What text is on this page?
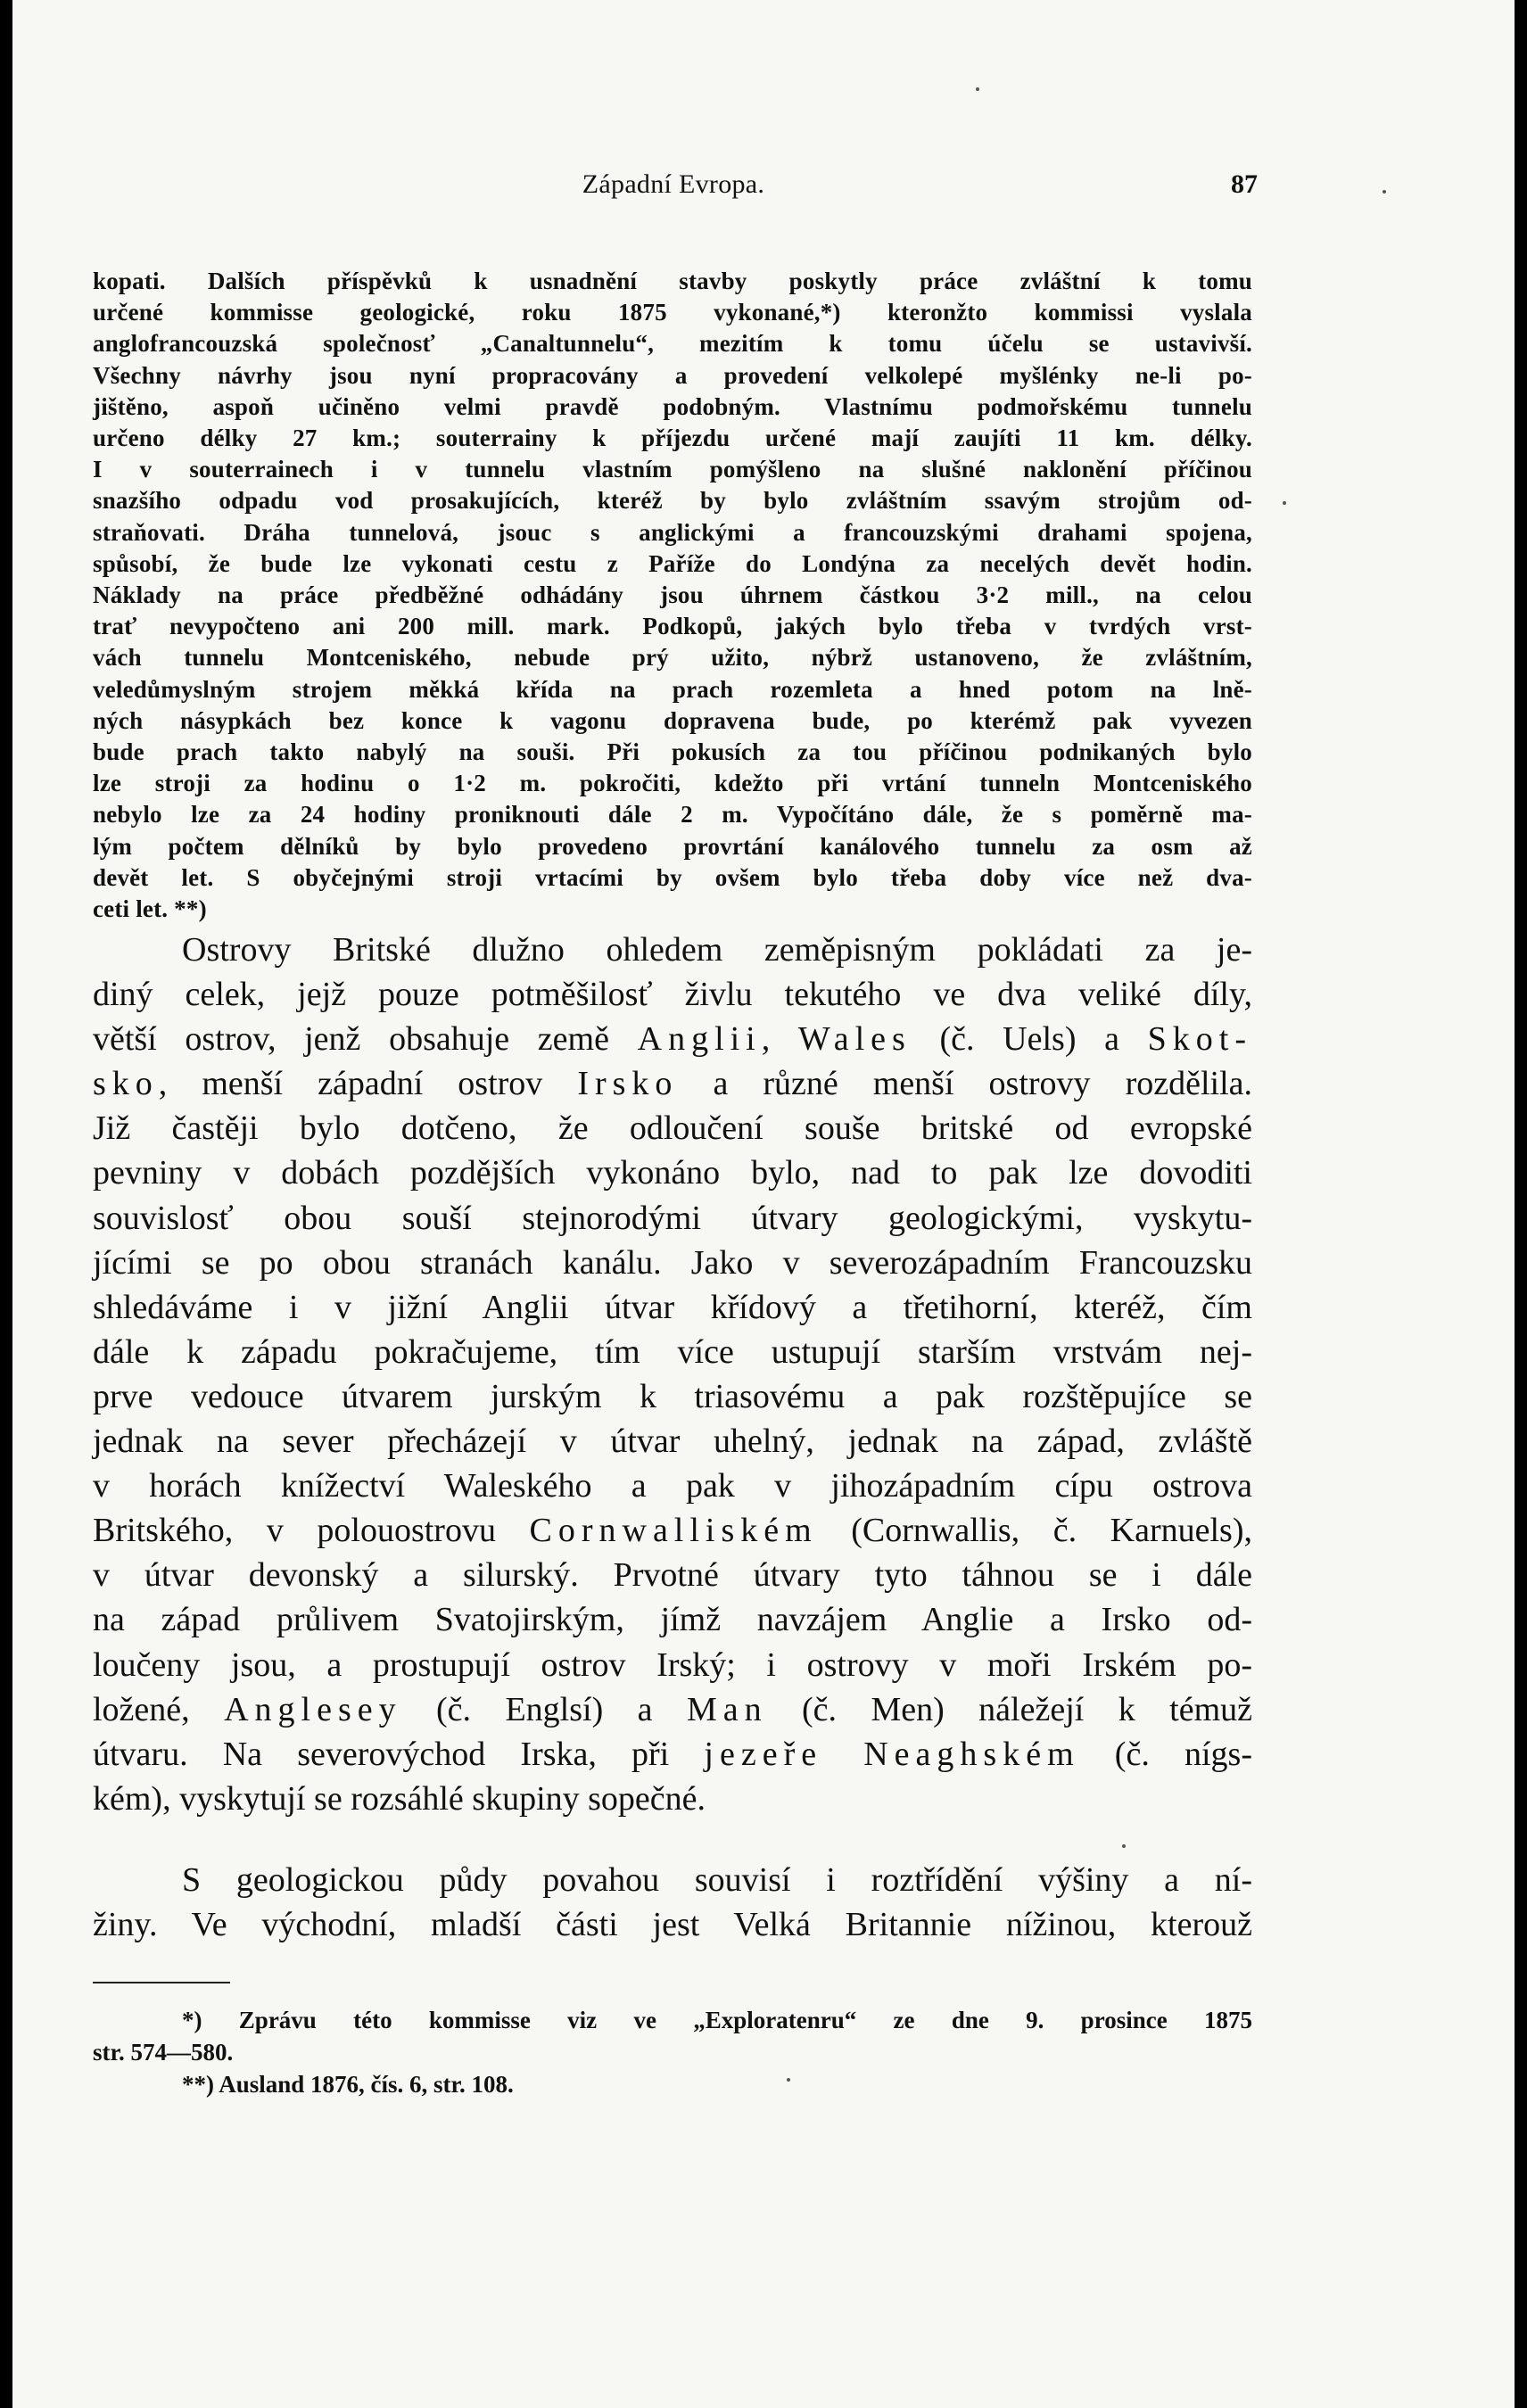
Západní Evropa.	87
kopati. Dalších příspěvků k usnadnění stavby poskytly práce zvláštní k tomu
určené kommisse geologické, roku 1875 vykonané,*) kteronžto kommissi vyslala
anglofrancouzská společnosť „Canaltunnelu“, mezitím k tomu účelu se ustavivší.
Všechny návrhy jsou nyní propracovány a provedení velkolepé myšlénky ne-li po-
jištěno, aspoň učiněno velmi pravdě podobným. Vlastnímu podmořskému tunnelu
určeno délky 27 km.; souterrainy k příjezdu určené mají zaujíti 11 km. délky.
I v souterrainech i v tunnelu vlastním pomýšleno na slušné naklonění příčinou
snazšího odpadu vod prosakujících, kteréž by bylo zvláštním ssavým strojům od-
straňovati. Dráha tunnelová, jsouc s anglickými a francouzskými drahami spojena,
spůsobí, že bude lze vykonati cestu z Paříže do Londýna za necelých devět hodin.
Náklady na práce předběžné odhádány jsou úhrnem částkou 3·2 mill., na celou
trať nevypočteno ani 200 mill. mark. Podkopů, jakých bylo třeba v tvrdých vrst-
vách tunnelu Montceniského, nebude prý užito, nýbrž ustanoveno, že zvláštním,
veledůmyslným strojem měkká křída na prach rozemleta a hned potom na lně-
ných násypkách bez konce k vagonu dopravena bude, po kterémž pak vyvezen
bude prach takto nabylý na souši. Při pokusích za tou příčinou podnikaných bylo
lze stroji za hodinu o 1·2 m. pokročiti, kdežto při vrtání tunneln Montceniského
nebylo lze za 24 hodiny proniknouti dále 2 m. Vypočítáno dále, že s poměrně ma-
lým počtem dělníků by bylo provedeno provrtání kanálového tunnelu za osm až
devět let. S obyčejnými stroji vrtacími by ovšem bylo třeba doby více než dva-
ceti let. **)
Ostrovy Britské dlužno ohledem zeměpisným pokládati za je-
diný celek, jejž pouze potměšilosť živlu tekutého ve dva veliké díly,
větší ostrov, jenž obsahuje země Anglii, Wales (č. Uels) a Skot-
sko, menší západní ostrov Irsko a různé menší ostrovy rozdělila.
Již častěji bylo dotčeno, že odloučení souše britské od evropské
pevniny v dobách pozdějších vykonáno bylo, nad to pak lze dovoditi
souvislosť obou souší stejnorodými útvary geologickými, vyskytu-
jícími se po obou stranách kanálu. Jako v severozápadním Francouzsku
shledáváme i v jižní Anglii útvar křídový a třetihorní, kteréž, čím
dále k západu pokračujeme, tím více ustupují starším vrstvám nej-
prve vedouce útvarem jurským k triasovému a pak rozštěpujíce se
jednak na sever přecházejí v útvar uhelný, jednak na západ, zvláště
v horách knížectví Waleského a pak v jihozápadním cípu ostrova
Britského, v polouostrovu Cornwalliském (Cornwallis, č. Karnuels),
v útvar devonský a silurský. Prvotné útvary tyto táhnou se i dále
na západ průlivem Svatojirským, jímž navzájem Anglie a Irsko od-
loučeny jsou, a prostupují ostrov Irský; i ostrovy v moři Irském po-
ložené, Anglesey (č. Englsí) a Man (č. Men) náležejí k témuž
útvaru. Na severovýchod Irska, při jezeře Neaghském (č. nígs-
kém), vyskytují se rozsáhlé skupiny sopečné.
S geologickou půdy povahou souvisí i roztřídění výšiny a ní-
žiny. Ve východní, mladší části jest Velká Britannie nížinou, kterouž
*) Zprávu této kommisse viz ve „Exploratenru“ ze dne 9. prosince 1875
str. 574—580.
**) Ausland 1876, čís. 6, str. 108.
